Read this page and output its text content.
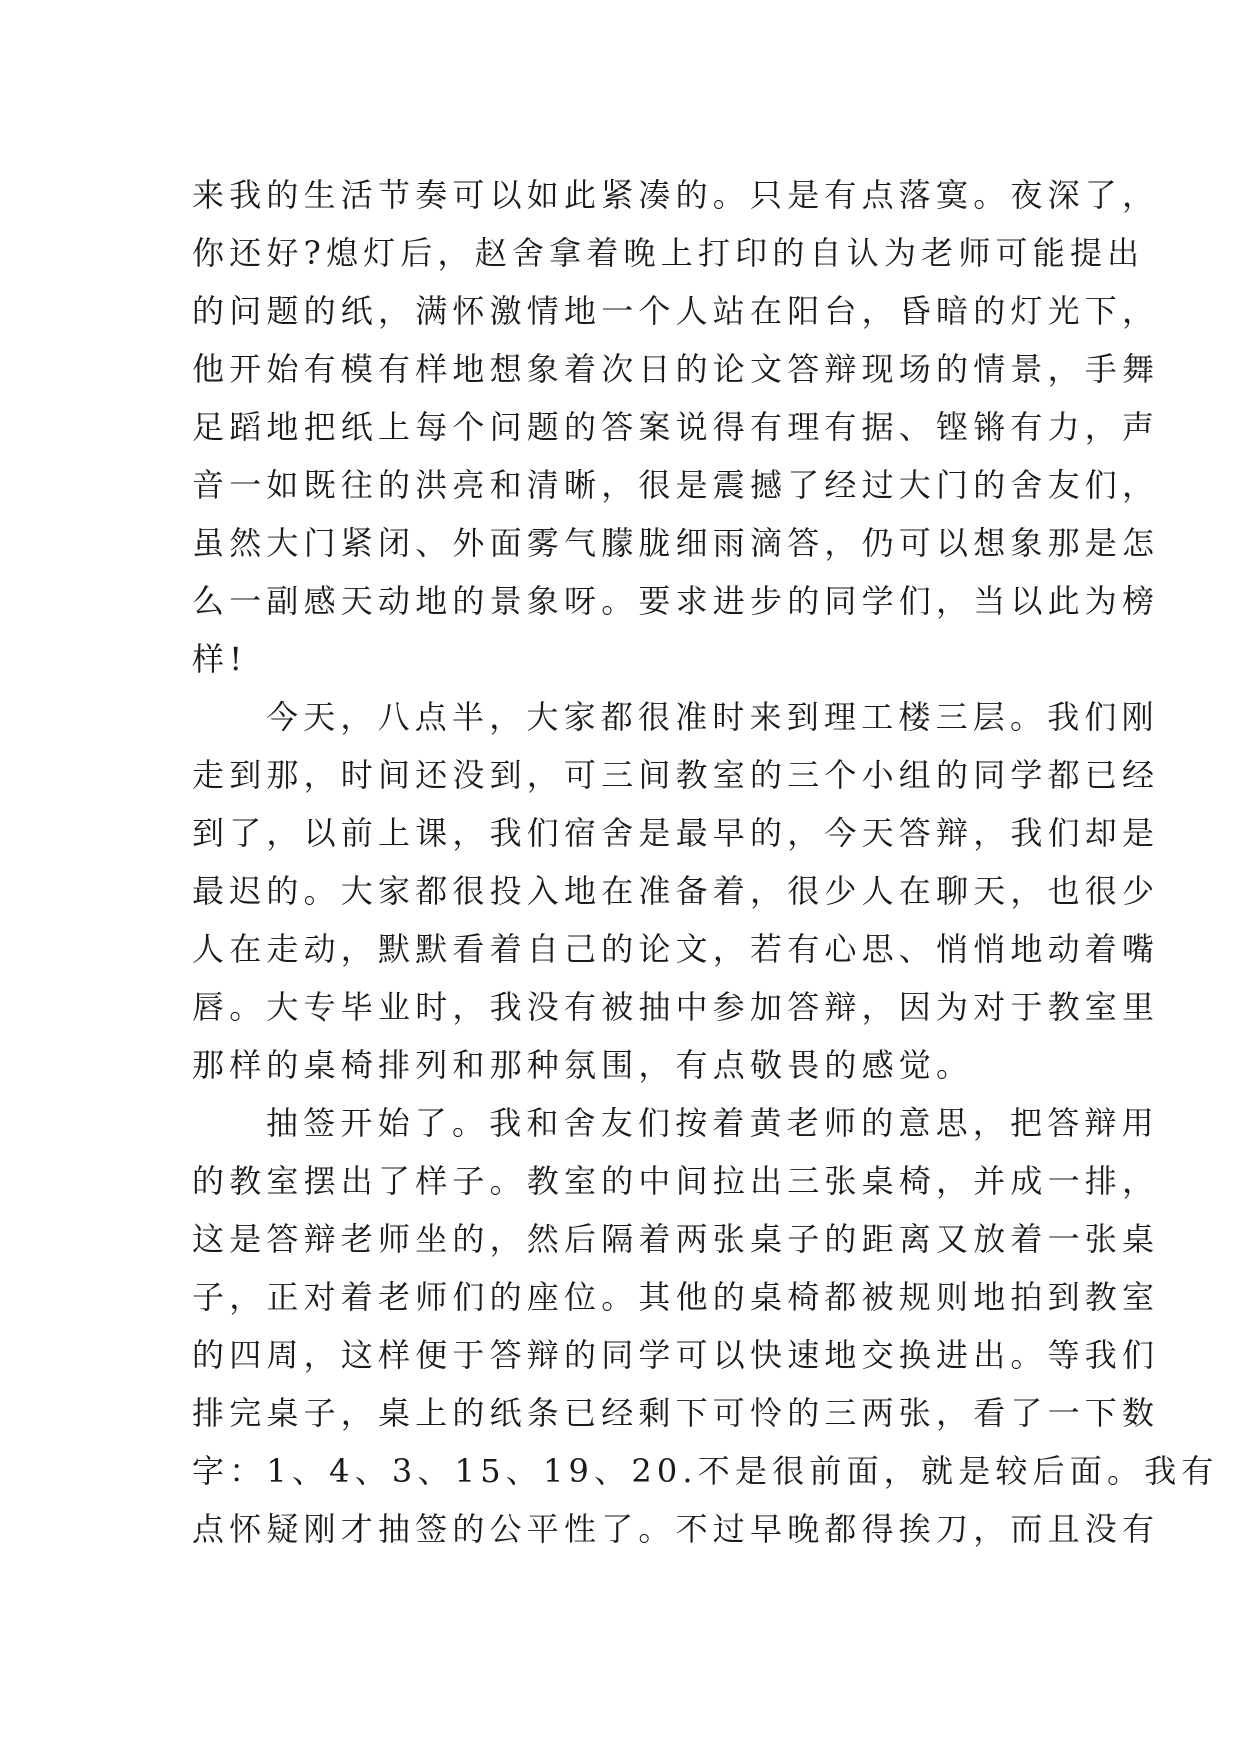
来我的生活节奏可以如此紧凑的。只是有点落寞。夜深了，
你还好?熄灯后，赵舍拿着晚上打印的自认为老师可能提出
的问题的纸，满怀激情地一个人站在阳台，昏暗的灯光下，
他开始有模有样地想象着次日的论文答辩现场的情景，手舞
足蹈地把纸上每个问题的答案说得有理有据、铿锵有力，声
音一如既往的洪亮和清晰，很是震撼了经过大门的舍友们，
虽然大门紧闭、外面雾气朦胧细雨滴答，仍可以想象那是怎
么一副感天动地的景象呀。要求进步的同学们，当以此为榜
样!
今天，八点半，大家都很准时来到理工楼三层。我们刚
走到那，时间还没到，可三间教室的三个小组的同学都已经
到了，以前上课，我们宿舍是最早的，今天答辩，我们却是
最迟的。大家都很投入地在准备着，很少人在聊天，也很少
人在走动，默默看着自己的论文，若有心思、悄悄地动着嘴
唇。大专毕业时，我没有被抽中参加答辩，因为对于教室里
那样的桌椅排列和那种氛围，有点敬畏的感觉。
抽签开始了。我和舍友们按着黄老师的意思，把答辩用
的教室摆出了样子。教室的中间拉出三张桌椅，并成一排，
这是答辩老师坐的，然后隔着两张桌子的距离又放着一张桌
子，正对着老师们的座位。其他的桌椅都被规则地拍到教室
的四周，这样便于答辩的同学可以快速地交换进出。等我们
排完桌子，桌上的纸条已经剩下可怜的三两张，看了一下数
字：1、4、3、15、19、20.不是很前面，就是较后面。我有
点怀疑刚才抽签的公平性了。不过早晚都得挨刀，而且没有
